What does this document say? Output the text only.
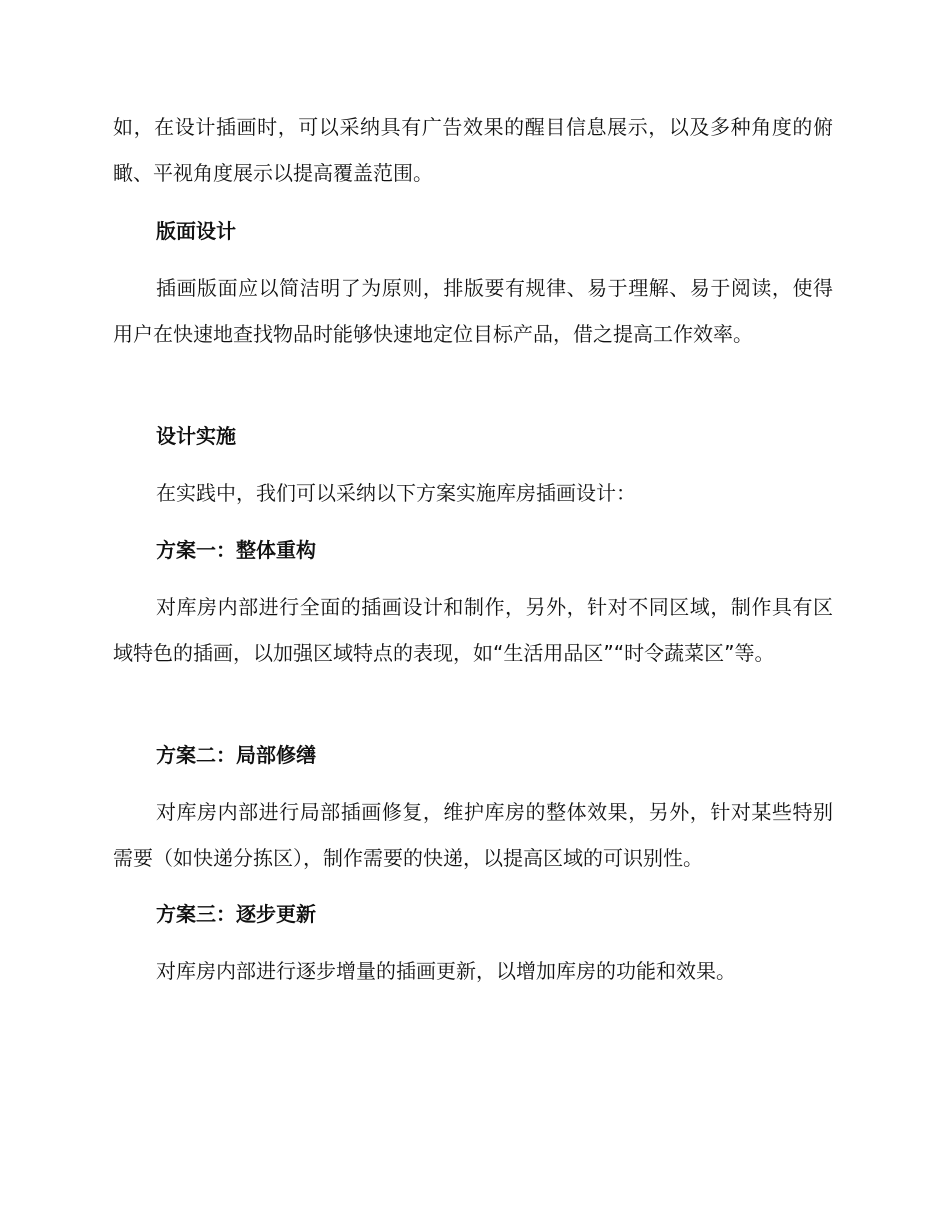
如，在设计插画时，可以采纳具有广告效果的醒目信息展示，以及多种角度的俯瞰、平视角度展示以提高覆盖范围。

版面设计

插画版面应以简洁明了为原则，排版要有规律、易于理解、易于阅读，使得用户在快速地查找物品时能够快速地定位目标产品，借之提高工作效率。

设计实施

在实践中，我们可以采纳以下方案实施库房插画设计：

方案一：整体重构

对库房内部进行全面的插画设计和制作，另外，针对不同区域，制作具有区域特色的插画，以加强区域特点的表现，如“生活用品区”“时令蔬菜区”等。

方案二：局部修缮

对库房内部进行局部插画修复，维护库房的整体效果，另外，针对某些特别需要（如快递分拣区），制作需要的快递，以提高区域的可识别性。

方案三：逐步更新

对库房内部进行逐步增量的插画更新，以增加库房的功能和效果。
